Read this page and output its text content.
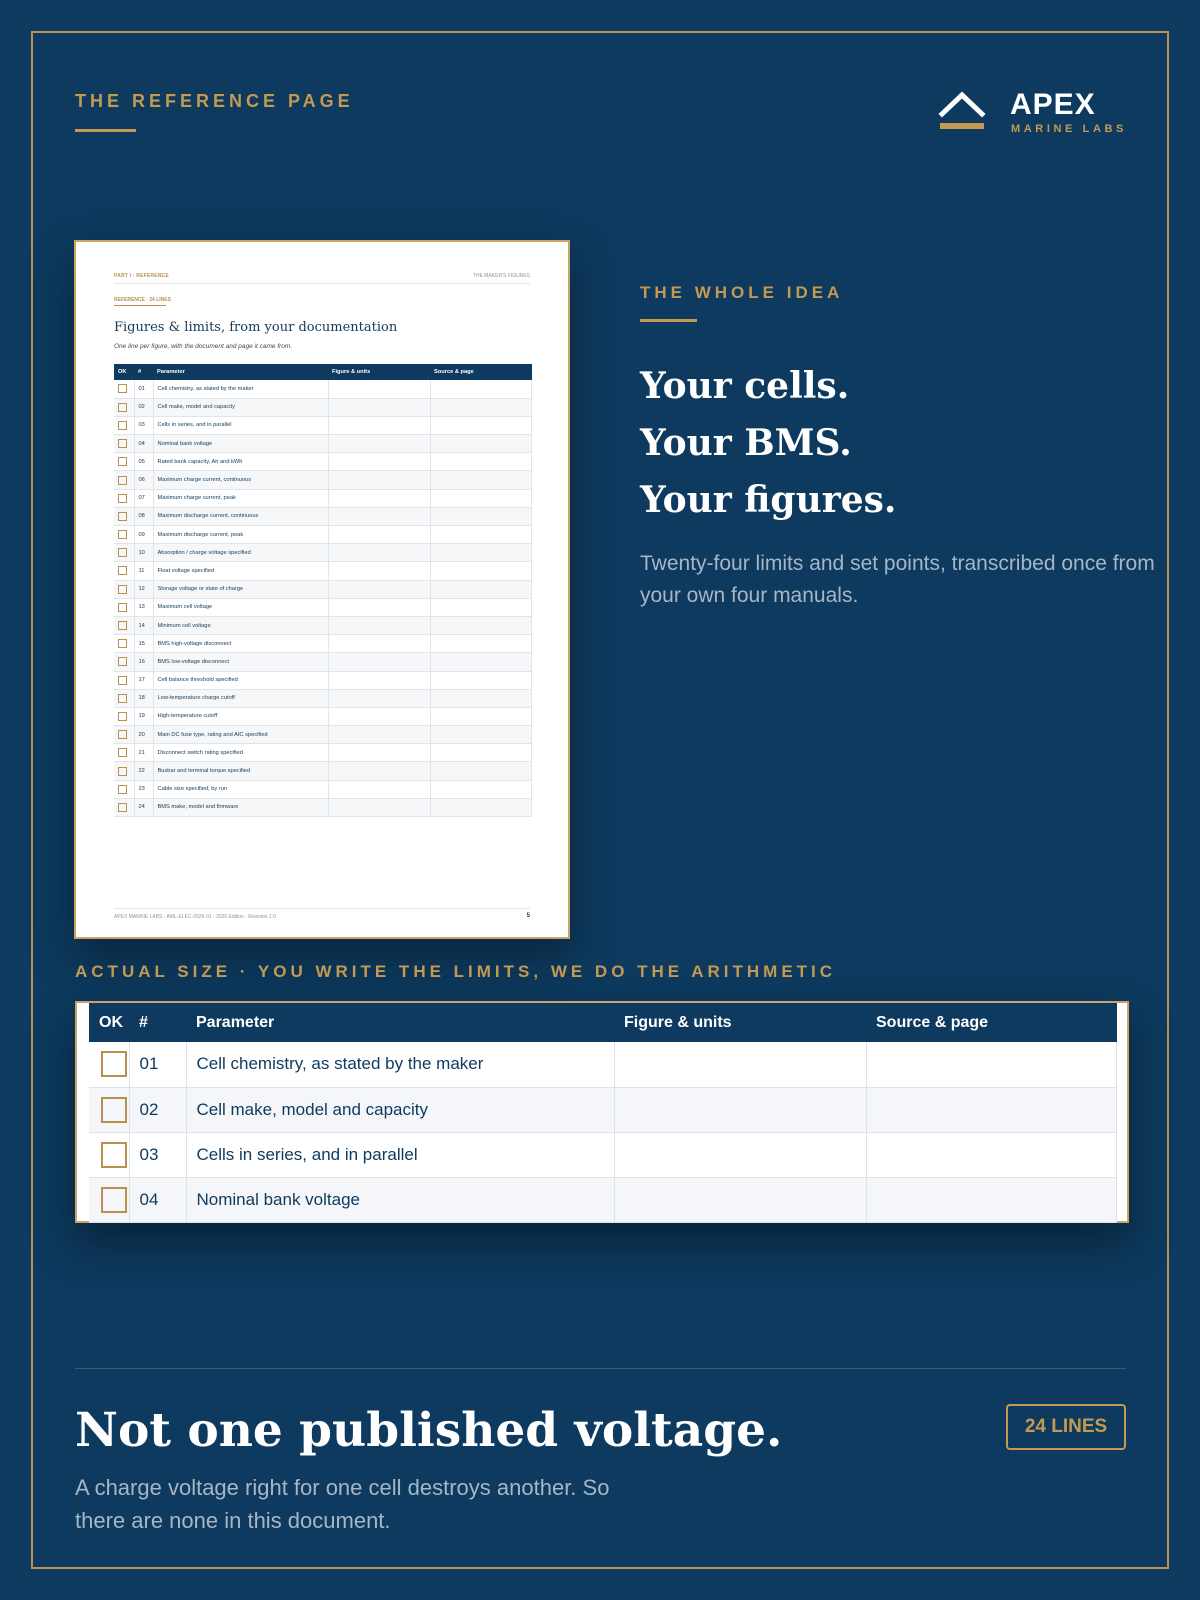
THE REFERENCE PAGE	APEX
MARINE LABS
PART I · REFERENCE	THE MAKER'S FIGURES
REFERENCE · 24 LINES
Figures & limits, from your documentation
One line per figure, with the document and page it came from.
OK	#	Parameter	Figure & units	Source & page
	01	Cell chemistry, as stated by the maker		
	02	Cell make, model and capacity		
	03	Cells in series, and in parallel		
	04	Nominal bank voltage		
	05	Rated bank capacity, Ah and kWh		
	06	Maximum charge current, continuous		
	07	Maximum charge current, peak		
	08	Maximum discharge current, continuous		
	09	Maximum discharge current, peak		
	10	Absorption / charge voltage specified		
	11	Float voltage specified		
	12	Storage voltage or state of charge		
	13	Maximum cell voltage		
	14	Minimum cell voltage		
	15	BMS high-voltage disconnect		
	16	BMS low-voltage disconnect		
	17	Cell balance threshold specified		
	18	Low-temperature charge cutoff		
	19	High-temperature cutoff		
	20	Main DC fuse type, rating and AIC specified		
	21	Disconnect switch rating specified		
	22	Busbar and terminal torque specified		
	23	Cable size specified, by run		
	24	BMS make, model and firmware		
APEX MARINE LABS · AML-ELEC-2026-01 · 2026 Edition · Revision 1.0	5
THE WHOLE IDEA
Your cells.
Your BMS.
Your figures.
Twenty-four limits and set points, transcribed once from your own four manuals.
ACTUAL SIZE · YOU WRITE THE LIMITS, WE DO THE ARITHMETIC
OK	#	Parameter	Figure & units	Source & page
	01	Cell chemistry, as stated by the maker		
	02	Cell make, model and capacity		
	03	Cells in series, and in parallel		
	04	Nominal bank voltage		
Not one published voltage.
A charge voltage right for one cell destroys another. So there are none in this document.
24 LINES
